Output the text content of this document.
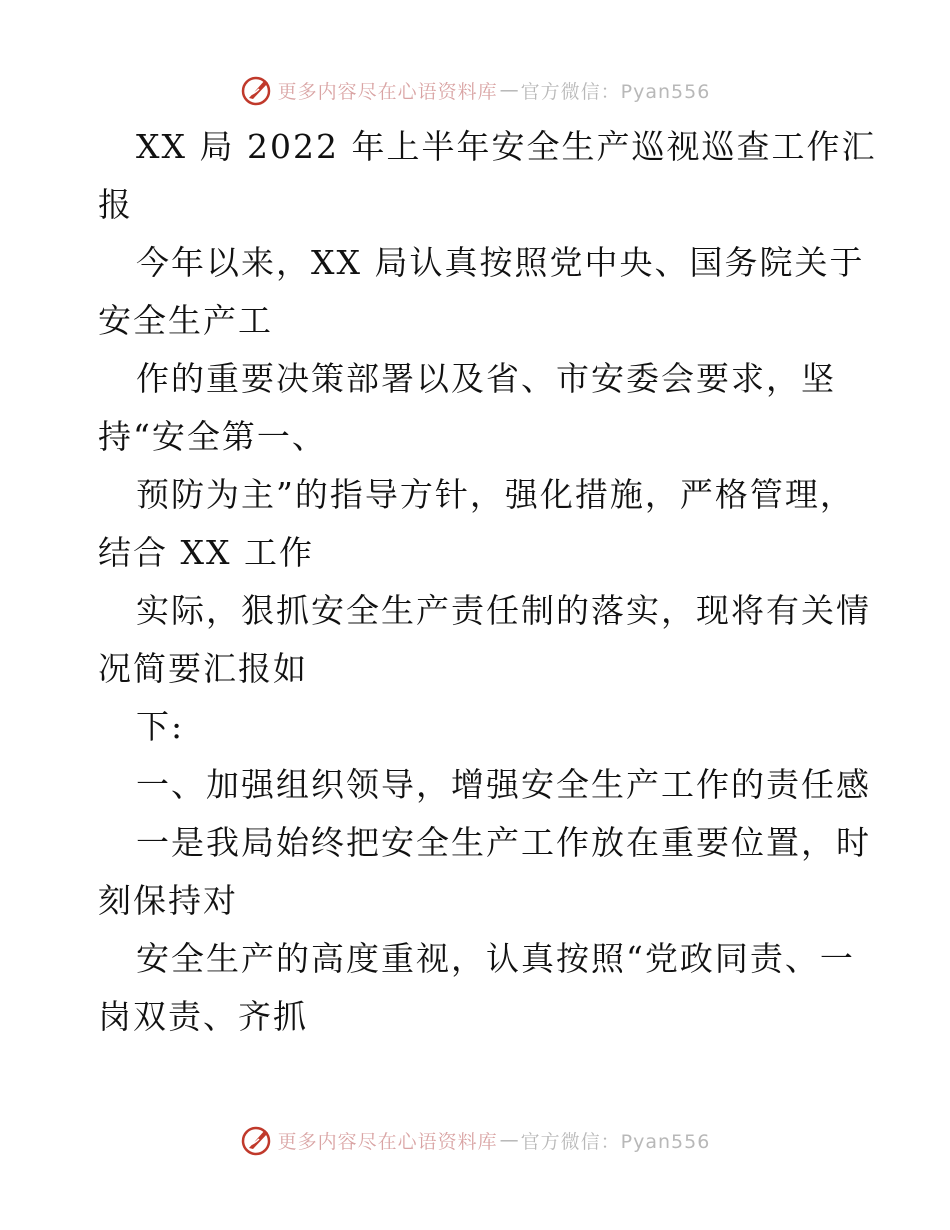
更多内容尽在心语资料库 — 官方微信：Pyan556
XX 局 2022 年上半年安全生产巡视巡查工作汇
报
今年以来，XX 局认真按照党中央、国务院关于
安全生产工
作的重要决策部署以及省、市安委会要求，坚
持“安全第一、
预防为主”的指导方针，强化措施，严格管理，
结合 XX 工作
实际，狠抓安全生产责任制的落实，现将有关情
况简要汇报如
下:
一、加强组织领导，增强安全生产工作的责任感
一是我局始终把安全生产工作放在重要位置，时
刻保持对
安全生产的高度重视，认真按照“党政同责、一
岗双责、齐抓
更多内容尽在心语资料库 — 官方微信：Pyan556
